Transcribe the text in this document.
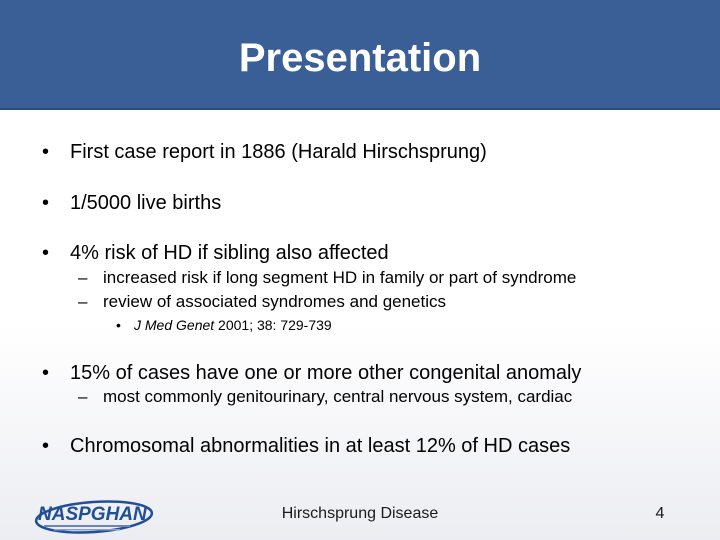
Presentation
• First case report in 1886 (Harald Hirschsprung)
• 1/5000 live births
• 4% risk of HD if sibling also affected
– increased risk if long segment HD in family or part of syndrome
– review of associated syndromes and genetics
• J Med Genet 2001; 38: 729-739
• 15% of cases have one or more other congenital anomaly
– most commonly genitourinary, central nervous system, cardiac
• Chromosomal abnormalities in at least 12% of HD cases
NASPGHAN	Hirschsprung Disease	4
